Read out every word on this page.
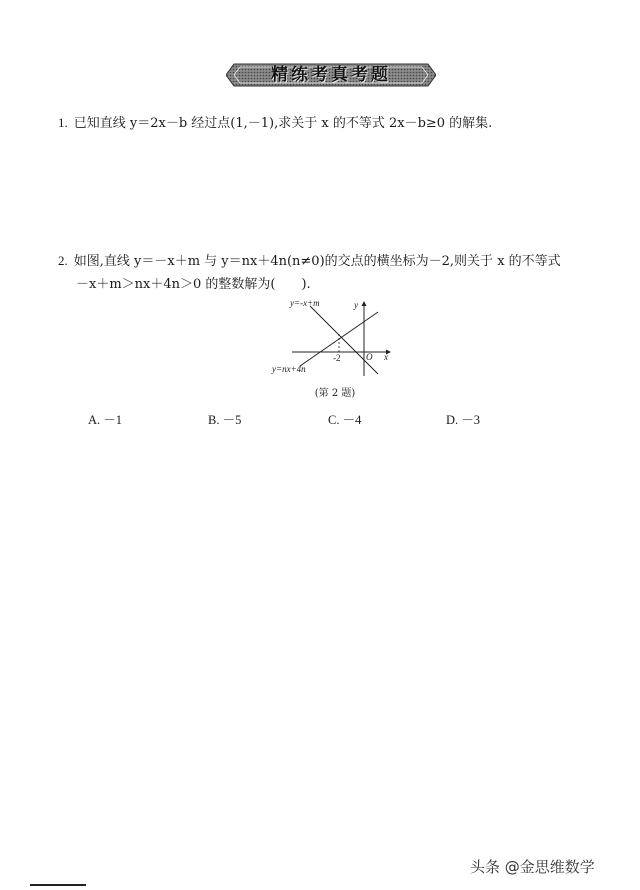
精练考真考题
1. 已知直线 y＝2x－b 经过点(1,－1),求关于 x 的不等式 2x－b≥0 的解集.
2. 如图,直线 y＝－x＋m 与 y＝nx＋4n(n≠0)的交点的横坐标为－2,则关于 x 的不等式
－x＋m＞nx＋4n＞0 的整数解为(　　).
y=-x+m
y=nx+4n
y
x
O
-2
(第 2 题)
A. －1	B. －5	C. －4	D. －3
头条 @金思维数学
